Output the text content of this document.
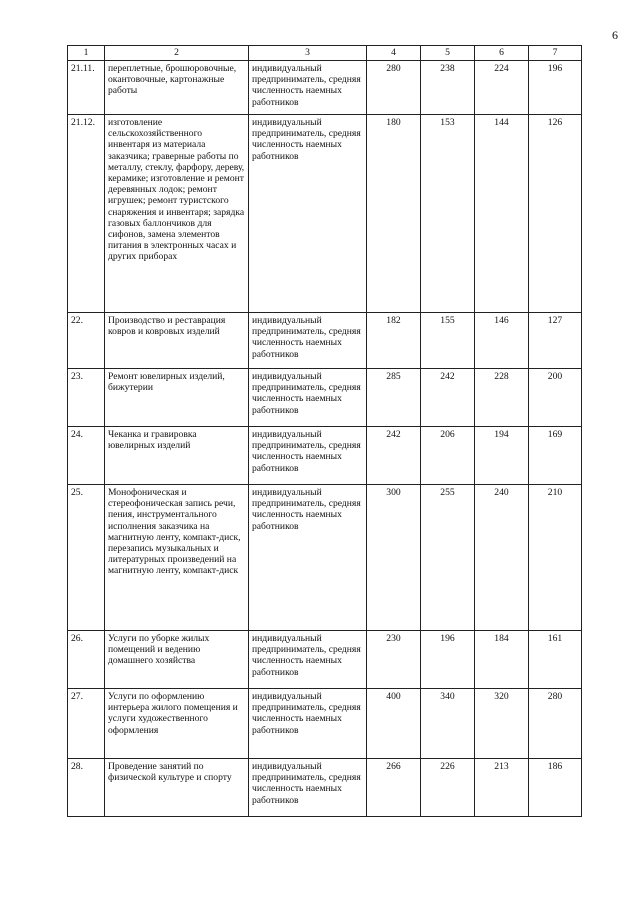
6
1	2	3	4	5	6	7
21.11.	переплетные, брошюровочные, окантовочные, картонажные работы	индивидуальный предприниматель, средняя численность наемных работников	280	238	224	196
21.12.	изготовление сельскохозяйственного инвентаря из материала заказчика; граверные работы по металлу, стеклу, фарфору, дереву, керамике; изготовление и ремонт деревянных лодок; ремонт игрушек; ремонт туристского снаряжения и инвентаря; зарядка газовых баллончиков для сифонов, замена элементов питания в электронных часах и других приборах	индивидуальный предприниматель, средняя численность наемных работников	180	153	144	126
22.	Производство и реставрация ковров и ковровых изделий	индивидуальный предприниматель, средняя численность наемных работников	182	155	146	127
23.	Ремонт ювелирных изделий, бижутерии	индивидуальный предприниматель, средняя численность наемных работников	285	242	228	200
24.	Чеканка и гравировка ювелирных изделий	индивидуальный предприниматель, средняя численность наемных работников	242	206	194	169
25.	Монофоническая и стереофоническая запись речи, пения, инструментального исполнения заказчика на магнитную ленту, компакт-диск, перезапись музыкальных и литературных произведений на магнитную ленту, компакт-диск	индивидуальный предприниматель, средняя численность наемных работников	300	255	240	210
26.	Услуги по уборке жилых помещений и ведению домашнего хозяйства	индивидуальный предприниматель, средняя численность наемных работников	230	196	184	161
27.	Услуги по оформлению интерьера жилого помещения и услуги художественного оформления	индивидуальный предприниматель, средняя численность наемных работников	400	340	320	280
28.	Проведение занятий по физической культуре и спорту	индивидуальный предприниматель, средняя численность наемных работников	266	226	213	186
